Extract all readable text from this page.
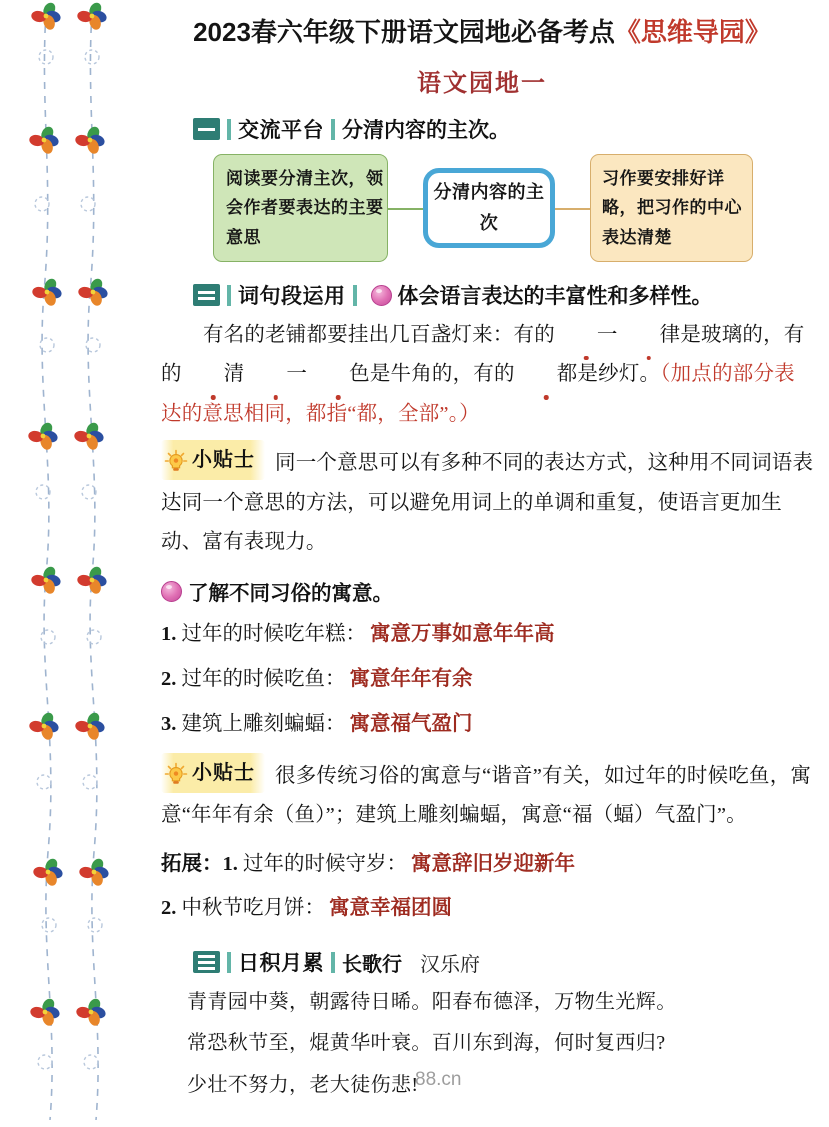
2023春六年级下册语文园地必备考点《思维导园》
语文园地一
交流平台 分清内容的主次。
阅读要分清主次，领会作者要表达的主要意思
分清内容的主次
习作要安排好详略，把习作的中心表达清楚
词句段运用 体会语言表达的丰富性和多样性。
有名的老铺都要挂出几百盏灯来：有的 一 律是玻璃的，有的 清 一 色是牛角的，有的 都是纱灯。（加点的部分表达的意思相同，都指“都，全部”。）
小贴士 同一个意思可以有多种不同的表达方式，这种用不同词语表达同一个意思的方法，可以避免用词上的单调和重复，使语言更加生动、富有表现力。
了解不同习俗的寓意。
1. 过年的时候吃年糕： 寓意万事如意年年高
2. 过年的时候吃鱼： 寓意年年有余
3. 建筑上雕刻蝙蝠： 寓意福气盈门
小贴士 很多传统习俗的寓意与“谐音”有关，如过年的时候吃鱼，寓意“年年有余（鱼）”；建筑上雕刻蝙蝠，寓意“福（蝠）气盈门”。
拓展：1. 过年的时候守岁： 寓意辞旧岁迎新年
2. 中秋节吃月饼： 寓意幸福团圆
日积月累 长歌行 汉乐府
青青园中葵，朝露待日晞。阳春布德泽，万物生光辉。
常恐秋节至，焜黄华叶衰。百川东到海，何时复西归?
少壮不努力，老大徒伤悲!
88.cn
